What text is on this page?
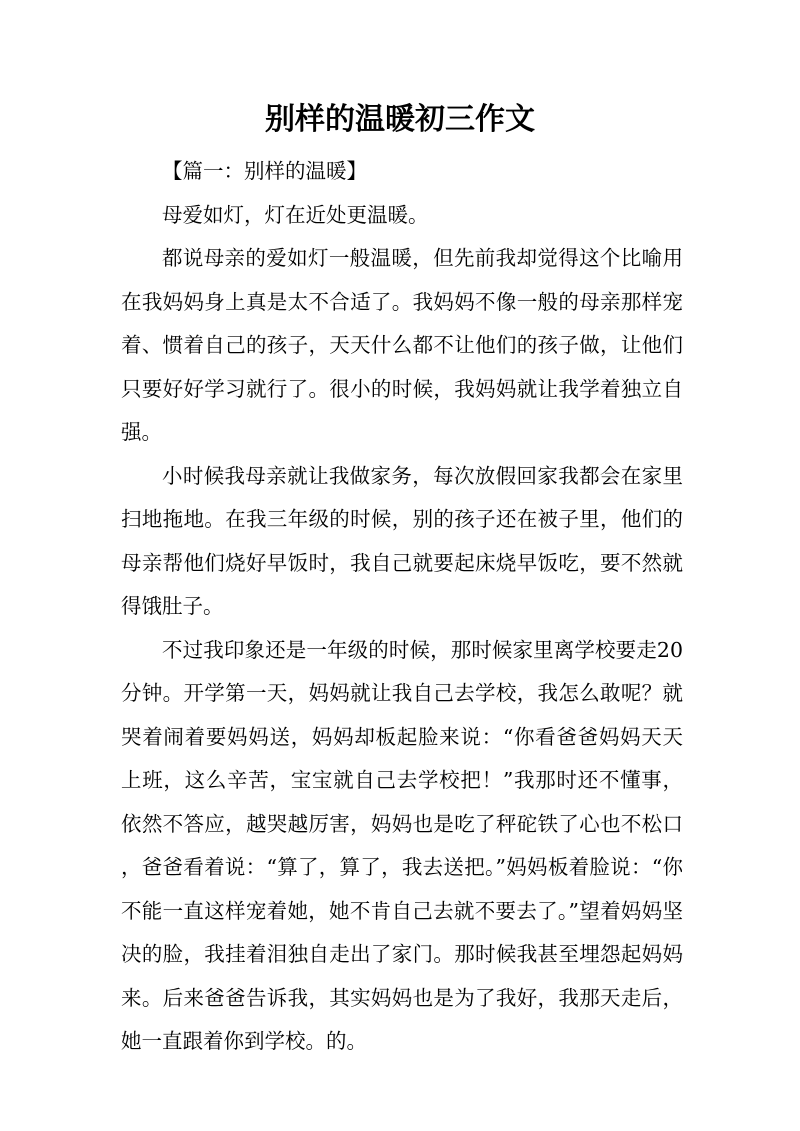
别样的温暖初三作文

【篇一：别样的温暖】

母爱如灯，灯在近处更温暖。

都说母亲的爱如灯一般温暖，但先前我却觉得这个比喻用在我妈妈身上真是太不合适了。我妈妈不像一般的母亲那样宠着、惯着自己的孩子，天天什么都不让他们的孩子做，让他们只要好好学习就行了。很小的时候，我妈妈就让我学着独立自强。

小时候我母亲就让我做家务，每次放假回家我都会在家里扫地拖地。在我三年级的时候，别的孩子还在被子里，他们的母亲帮他们烧好早饭时，我自己就要起床烧早饭吃，要不然就得饿肚子。

不过我印象还是一年级的时候，那时候家里离学校要走20分钟。开学第一天，妈妈就让我自己去学校，我怎么敢呢？就哭着闹着要妈妈送，妈妈却板起脸来说：“你看爸爸妈妈天天上班，这么辛苦，宝宝就自己去学校把！”我那时还不懂事，依然不答应，越哭越厉害，妈妈也是吃了秤砣铁了心也不松口，爸爸看着说：“算了，算了，我去送把。”妈妈板着脸说：“你不能一直这样宠着她，她不肯自己去就不要去了。”望着妈妈坚决的脸，我挂着泪独自走出了家门。那时候我甚至埋怨起妈妈来。后来爸爸告诉我，其实妈妈也是为了我好，我那天走后，她一直跟着你到学校。的。
